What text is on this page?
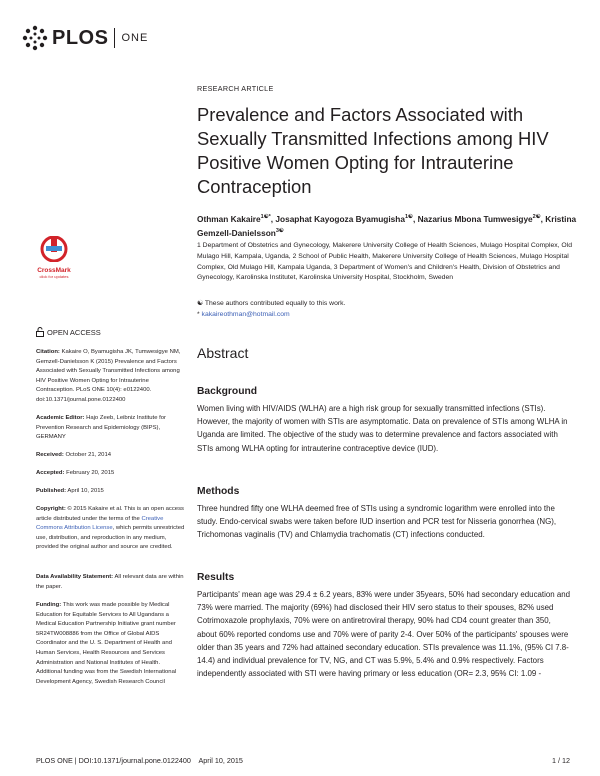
PLOS ONE
RESEARCH ARTICLE
Prevalence and Factors Associated with Sexually Transmitted Infections among HIV Positive Women Opting for Intrauterine Contraception
Othman Kakaire$^{1☯*}$, Josaphat Kayogoza Byamugisha$^{1☯}$, Nazarius Mbona Tumwesigye$^{2☯}$, Kristina Gemzell-Danielsson$^{3☯}$
1 Department of Obstetrics and Gynecology, Makerere University College of Health Sciences, Mulago Hospital Complex, Old Mulago Hill, Kampala, Uganda, 2 School of Public Health, Makerere University College of Health Sciences, Mulago Hospital Complex, Old Mulago Hill, Kampala Uganda, 3 Department of Women's and Children's Health, Division of Obstetrics and Gynecology, Karolinska Institutet, Karolinska University Hospital, Stockholm, Sweden
☯ These authors contributed equally to this work.
* kakaireothman@hotmail.com
CrossMark
click for updates
OPEN ACCESS
Citation: Kakaire O, Byamugisha JK, Tumwesigye NM, Gemzell-Danielsson K (2015) Prevalence and Factors Associated with Sexually Transmitted Infections among HIV Positive Women Opting for Intrauterine Contraception. PLoS ONE 10(4): e0122400. doi:10.1371/journal.pone.0122400
Academic Editor: Hajo Zeeb, Leibniz Institute for Prevention Research and Epidemiology (BIPS), GERMANY
Received: October 21, 2014
Accepted: February 20, 2015
Published: April 10, 2015
Copyright: © 2015 Kakaire et al. This is an open access article distributed under the terms of the Creative Commons Attribution License, which permits unrestricted use, distribution, and reproduction in any medium, provided the original author and source are credited.
Data Availability Statement: All relevant data are within the paper.
Funding: This work was made possible by Medical Education for Equitable Services to All Ugandans a Medical Education Partnership Initiative grant number 5R24TW008886 from the Office of Global AIDS Coordinator and the U. S. Department of Health and Human Services, Health Resources and Services Administration and National Institutes of Health. Additional funding was from the Swedish International Development Agency, Swedish Research Council
Abstract
Background
Women living with HIV/AIDS (WLHA) are a high risk group for sexually transmitted infections (STIs). However, the majority of women with STIs are asymptomatic. Data on prevalence of STIs among WLHA in Uganda are limited. The objective of the study was to determine prevalence and factors associated with STIs among WLHA opting for intrauterine contraceptive device (IUD).
Methods
Three hundred fifty one WLHA deemed free of STIs using a syndromic logarithm were enrolled into the study. Endo-cervical swabs were taken before IUD insertion and PCR test for Nisseria gonorrhea (NG), Trichomonas vaginalis (TV) and Chlamydia trachomatis (CT) infections conducted.
Results
Participants' mean age was 29.4 ± 6.2 years, 83% were under 35years, 50% had secondary education and 73% were married. The majority (69%) had disclosed their HIV sero status to their spouses, 82% used Cotrimoxazole prophylaxis, 70% were on antiretroviral therapy, 90% had CD4 count greater than 350, about 60% reported condoms use and 70% were of parity 2-4. Over 50% of the participants' spouses were older than 35 years and 72% had attained secondary education. STIs prevalence was 11.1%, (95% CI 7.8-14.4) and individual prevalence for TV, NG, and CT was 5.9%, 5.4% and 0.9% respectively. Factors independently associated with STI were having primary or less education (OR= 2.3, 95% CI: 1.09 -
PLOS ONE | DOI:10.1371/journal.pone.0122400    April 10, 2015	1 / 12
